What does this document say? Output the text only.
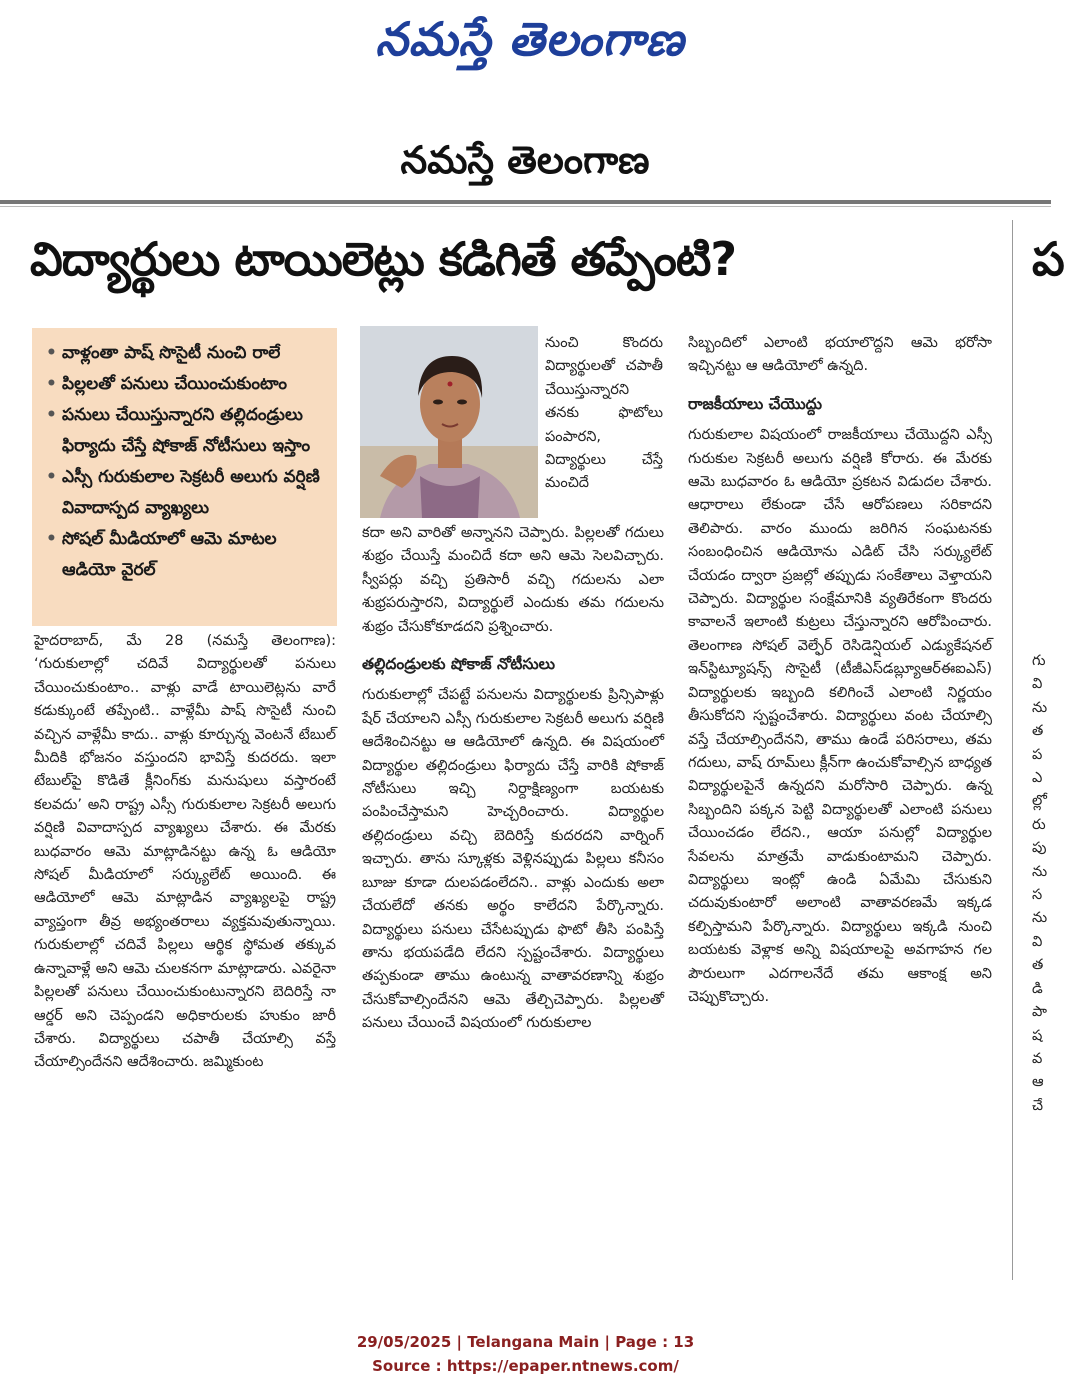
నమస్తే తెలంగాణ
నమస్తే తెలంగాణ
విద్యార్థులు టాయిలెట్లు కడిగితే తప్పేంటి?	ప
• వాళ్లంతా పాష్ సొసైటీ నుంచి రాలే
• పిల్లలతో పనులు చేయించుకుంటాం
• పనులు చేయిస్తున్నారని తల్లిదండ్రులు ఫిర్యాదు చేస్తే షోకాజ్ నోటీసులు ఇస్తాం
• ఎస్సీ గురుకులాల సెక్రటరీ అలుగు వర్షిణి వివాదాస్పద వ్యాఖ్యలు
• సోషల్ మీడియాలో ఆమె మాటల ఆడియో వైరల్
హైదరాబాద్, మే 28 (నమస్తే తెలంగాణ): ‘గురుకులాల్లో చదివే విద్యార్థులతో పనులు చేయించుకుంటాం.. వాళ్లు వాడే టాయిలెట్లను వారే కడుక్కుంటే తప్పేంటి.. వాళ్లేమీ పాష్ సొసైటీ నుంచి వచ్చిన వాళ్లేమీ కాదు.. వాళ్లు కూర్చున్న వెంటనే టేబుల్ మీదికి భోజనం వస్తుందని భావిస్తే కుదరదు. ఇలా టేబుల్‌పై కొడితే క్లీనింగ్‌కు మనుషులు వస్తారంటే కలవదు’ అని రాష్ట్ర ఎస్సీ గురుకులాల సెక్రటరీ అలుగు వర్షిణి వివాదాస్పద వ్యాఖ్యలు చేశారు. ఈ మేరకు బుధవారం ఆమె మాట్లాడినట్టు ఉన్న ఓ ఆడియో సోషల్ మీడియాలో సర్క్యులేట్ అయింది. ఈ ఆడియోలో ఆమె మాట్లాడిన వ్యాఖ్యలపై రాష్ట్ర వ్యాప్తంగా తీవ్ర అభ్యంతరాలు వ్యక్తమవుతున్నాయి. గురుకులాల్లో చదివే పిల్లలు ఆర్థిక స్థోమత తక్కువ ఉన్నావాళ్లే అని ఆమె చులకనగా మాట్లాడారు. ఎవరైనా పిల్లలతో పనులు చేయించుకుంటున్నారని బెదిరిస్తే నా ఆర్డర్ అని చెప్పండని అధికారులకు హుకుం జారీ చేశారు. విద్యార్థులు చపాతీ చేయాల్సి వస్తే చేయాల్సిందేనని ఆదేశించారు. జమ్మికుంట
నుంచి కొందరు విద్యార్థులతో చపాతీ చేయిస్తున్నారని తనకు ఫొటోలు పంపారని, విద్యార్థులు చేస్తే మంచిదే
కదా అని వారితో అన్నానని చెప్పారు. పిల్లలతో గదులు శుభ్రం చేయిస్తే మంచిదే కదా అని ఆమె సెలవిచ్చారు. స్వీపర్లు వచ్చి ప్రతిసారీ వచ్చి గదులను ఎలా శుభ్రపరుస్తారని, విద్యార్థులే ఎందుకు తమ గదులను శుభ్రం చేసుకోకూడదని ప్రశ్నించారు.
తల్లిదండ్రులకు షోకాజ్ నోటీసులు
గురుకులాల్లో చేపట్టే పనులను విద్యార్థులకు ప్రిన్సిపాళ్లు షేర్ చేయాలని ఎస్సీ గురుకులాల సెక్రటరీ అలుగు వర్షిణి ఆదేశించినట్టు ఆ ఆడియోలో ఉన్నది. ఈ విషయంలో విద్యార్థుల తల్లిదండ్రులు ఫిర్యాదు చేస్తే వారికి షోకాజ్ నోటీసులు ఇచ్చి నిర్దాక్షిణ్యంగా బయటకు పంపించేస్తామని హెచ్చరించారు. విద్యార్థుల తల్లిదండ్రులు వచ్చి బెదిరిస్తే కుదరదని వార్నింగ్ ఇచ్చారు. తాను స్కూళ్లకు వెళ్లినప్పుడు పిల్లలు కనీసం బూజు కూడా దులపడంలేదని.. వాళ్లు ఎందుకు అలా చేయలేదో తనకు అర్థం కాలేదని పేర్కొన్నారు. విద్యార్థులు పనులు చేసేటప్పుడు ఫొటో తీసి పంపిస్తే తాను భయపడేది లేదని స్పష్టంచేశారు. విద్యార్థులు తప్పకుండా తాము ఉంటున్న వాతావరణాన్ని శుభ్రం చేసుకోవాల్సిందేనని ఆమె తేల్చిచెప్పారు. పిల్లలతో పనులు చేయించే విషయంలో గురుకులాల
సిబ్బందిలో ఎలాంటి భయాలొద్దని ఆమె భరోసా ఇచ్చినట్టు ఆ ఆడియోలో ఉన్నది.
రాజకీయాలు చేయొద్దు
గురుకులాల విషయంలో రాజకీయాలు చేయొద్దని ఎస్సీ గురుకుల సెక్రటరీ అలుగు వర్షిణి కోరారు. ఈ మేరకు ఆమె బుధవారం ఓ ఆడియో ప్రకటన విడుదల చేశారు. ఆధారాలు లేకుండా చేసే ఆరోపణలు సరికాదని తెలిపారు. వారం ముందు జరిగిన సంఘటనకు సంబంధించిన ఆడియోను ఎడిట్ చేసి సర్క్యులేట్ చేయడం ద్వారా ప్రజల్లో తప్పుడు సంకేతాలు వెళ్తాయని చెప్పారు. విద్యార్థుల సంక్షేమానికి వ్యతిరేకంగా కొందరు కావాలనే ఇలాంటి కుట్రలు చేస్తున్నారని ఆరోపించారు. తెలంగాణ సోషల్ వెల్ఫేర్ రెసిడెన్షియల్ ఎడ్యుకేషనల్ ఇన్‌స్టిట్యూషన్స్ సొసైటీ (టీజీఎస్‌డబ్ల్యూఆర్‌ఈఐఎస్) విద్యార్థులకు ఇబ్బంది కలిగించే ఎలాంటి నిర్ణయం తీసుకోదని స్పష్టంచేశారు. విద్యార్థులు వంట చేయాల్సి వస్తే చేయాల్సిందేనని, తాము ఉండే పరిసరాలు, తమ గదులు, వాష్ రూమ్‌లు క్లీన్‌గా ఉంచుకోవాల్సిన బాధ్యత విద్యార్థులపైనే ఉన్నదని మరోసారి చెప్పారు. ఉన్న సిబ్బందిని పక్కన పెట్టి విద్యార్థులతో ఎలాంటి పనులు చేయించడం లేదని., ఆయా పనుల్లో విద్యార్థుల సేవలను మాత్రమే వాడుకుంటామని చెప్పారు. విద్యార్థులు ఇంట్లో ఉండి ఏమేమి చేసుకుని చదువుకుంటారో అలాంటి వాతావరణమే ఇక్కడ కల్పిస్తామని పేర్కొన్నారు. విద్యార్థులు ఇక్కడి నుంచి బయటకు వెళ్లాక అన్ని విషయాలపై అవగాహన గల పౌరులుగా ఎదగాలనేదే తమ ఆకాంక్ష అని చెప్పుకొచ్చారు.
గు
వి
ను
త
ప
ఎ
ల్లో
రు
పు
ను
స
ను
వి
త
డి
పా
ష
వ
ఆ
చే
29/05/2025 | Telangana Main | Page : 13
Source : https://epaper.ntnews.com/
